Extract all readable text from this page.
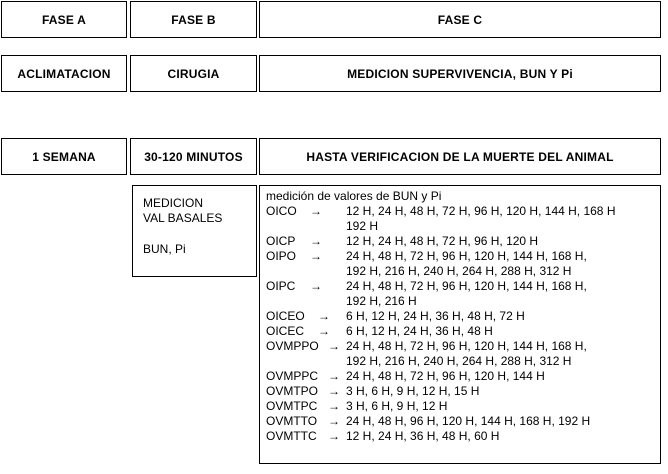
FASE A	FASE B	FASE C
ACLIMATACION	CIRUGIA	MEDICION SUPERVIVENCIA, BUN Y Pi
1 SEMANA	30-120 MINUTOS	HASTA VERIFICACION DE LA MUERTE DEL ANIMAL
MEDICION
VAL BASALES
BUN, Pi
medición de valores de BUN y Pi
OICO → 12 H, 24 H, 48 H, 72 H, 96 H, 120 H, 144 H, 168 H
192 H
OICP → 12 H, 24 H, 48 H, 72 H, 96 H, 120 H
OIPO → 24 H, 48 H, 72 H, 96 H, 120 H, 144 H, 168 H,
192 H, 216 H, 240 H, 264 H, 288 H, 312 H
OIPC → 24 H, 48 H, 72 H, 96 H, 120 H, 144 H, 168 H,
192 H, 216 H
OICEO → 6 H, 12 H, 24 H, 36 H, 48 H, 72 H
OICEC → 6 H, 12 H, 24 H, 36 H, 48 H
OVMPPO → 24 H, 48 H, 72 H, 96 H, 120 H, 144 H, 168 H,
192 H, 216 H, 240 H, 264 H, 288 H, 312 H
OVMPPC → 24 H, 48 H, 72 H, 96 H, 120 H, 144 H
OVMTPO → 3 H, 6 H, 9 H, 12 H, 15 H
OVMTPC → 3 H, 6 H, 9 H, 12 H
OVMTTO → 24 H, 48 H, 96 H, 120 H, 144 H, 168 H, 192 H
OVMTTC → 12 H, 24 H, 36 H, 48 H, 60 H
